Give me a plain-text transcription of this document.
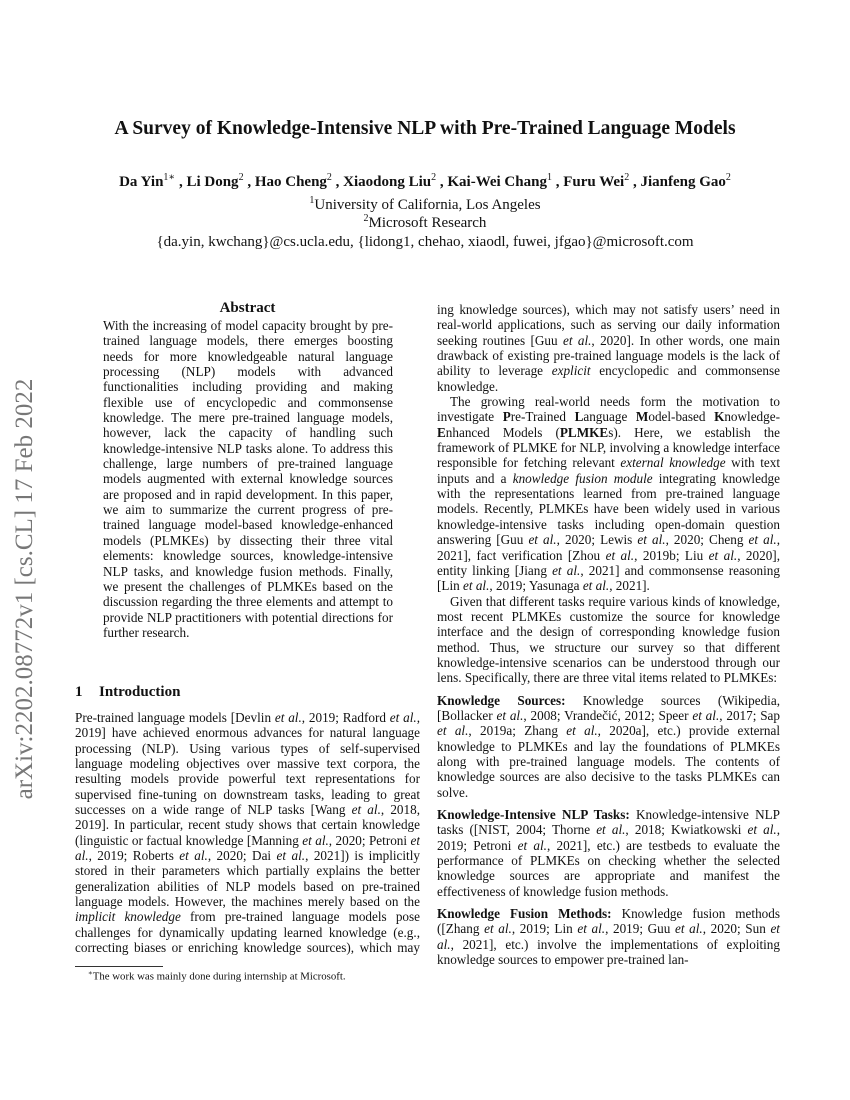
A Survey of Knowledge-Intensive NLP with Pre-Trained Language Models
Da Yin$^{1∗}$ , Li Dong$^2$ , Hao Cheng$^2$ , Xiaodong Liu$^2$ , Kai-Wei Chang$^1$ , Furu Wei$^2$ , Jianfeng Gao$^2$
$^1$University of California, Los Angeles
$^2$Microsoft Research
{da.yin, kwchang}@cs.ucla.edu, {lidong1, chehao, xiaodl, fuwei, jfgao}@microsoft.com
arXiv:2202.08772v1 [cs.CL] 17 Feb 2022
Abstract

With the increasing of model capacity brought by pre-trained language models, there emerges boosting needs for more knowledgeable natural language processing (NLP) models with advanced functionalities including providing and making flexible use of encyclopedic and commonsense knowledge. The mere pre-trained language models, however, lack the capacity of handling such knowledge-intensive NLP tasks alone. To address this challenge, large numbers of pre-trained language models augmented with external knowledge sources are proposed and in rapid development. In this paper, we aim to summarize the current progress of pre-trained language model-based knowledge-enhanced models (PLMKEs) by dissecting their three vital elements: knowledge sources, knowledge-intensive NLP tasks, and knowledge fusion methods. Finally, we present the challenges of PLMKEs based on the discussion regarding the three elements and attempt to provide NLP practitioners with potential directions for further research.

1 Introduction

Pre-trained language models [Devlin et al., 2019; Radford et al., 2019] have achieved enormous advances for natural language processing (NLP). Using various types of self-supervised language modeling objectives over massive text corpora, the resulting models provide powerful text representations for supervised fine-tuning on downstream tasks, leading to great successes on a wide range of NLP tasks [Wang et al., 2018, 2019]. In particular, recent study shows that certain knowledge (linguistic or factual knowledge [Manning et al., 2020; Petroni et al., 2019; Roberts et al., 2020; Dai et al., 2021]) is implicitly stored in their parameters which partially explains the better generalization abilities of NLP models based on pre-trained language models. However, the machines merely based on the implicit knowledge from pre-trained language models pose challenges for dynamically updating learned knowledge (e.g., correcting biases or enriching knowledge sources), which may

∗The work was mainly done during internship at Microsoft.

ing knowledge sources), which may not satisfy users’ need in real-world applications, such as serving our daily information seeking routines [Guu et al., 2020]. In other words, one main drawback of existing pre-trained language models is the lack of ability to leverage explicit encyclopedic and commonsense knowledge.

The growing real-world needs form the motivation to investigate Pre-Trained Language Model-based Knowledge-Enhanced Models (PLMKEs). Here, we establish the framework of PLMKE for NLP, involving a knowledge interface responsible for fetching relevant external knowledge with text inputs and a knowledge fusion module integrating knowledge with the representations learned from pre-trained language models. Recently, PLMKEs have been widely used in various knowledge-intensive tasks including open-domain question answering [Guu et al., 2020; Lewis et al., 2020; Cheng et al., 2021], fact verification [Zhou et al., 2019b; Liu et al., 2020], entity linking [Jiang et al., 2021] and commonsense reasoning [Lin et al., 2019; Yasunaga et al., 2021].

Given that different tasks require various kinds of knowledge, most recent PLMKEs customize the source for knowledge interface and the design of corresponding knowledge fusion method. Thus, we structure our survey so that different knowledge-intensive scenarios can be understood through our lens. Specifically, there are three vital items related to PLMKEs:

Knowledge Sources: Knowledge sources (Wikipedia, [Bollacker et al., 2008; Vrandečić, 2012; Speer et al., 2017; Sap et al., 2019a; Zhang et al., 2020a], etc.) provide external knowledge to PLMKEs and lay the foundations of PLMKEs along with pre-trained language models. The contents of knowledge sources are also decisive to the tasks PLMKEs can solve.

Knowledge-Intensive NLP Tasks: Knowledge-intensive NLP tasks ([NIST, 2004; Thorne et al., 2018; Kwiatkowski et al., 2019; Petroni et al., 2021], etc.) are testbeds to evaluate the performance of PLMKEs on checking whether the selected knowledge sources are appropriate and manifest the effectiveness of knowledge fusion methods.

Knowledge Fusion Methods: Knowledge fusion methods ([Zhang et al., 2019; Lin et al., 2019; Guu et al., 2020; Sun et al., 2021], etc.) involve the implementations of exploiting knowledge sources to empower pre-trained lan-
